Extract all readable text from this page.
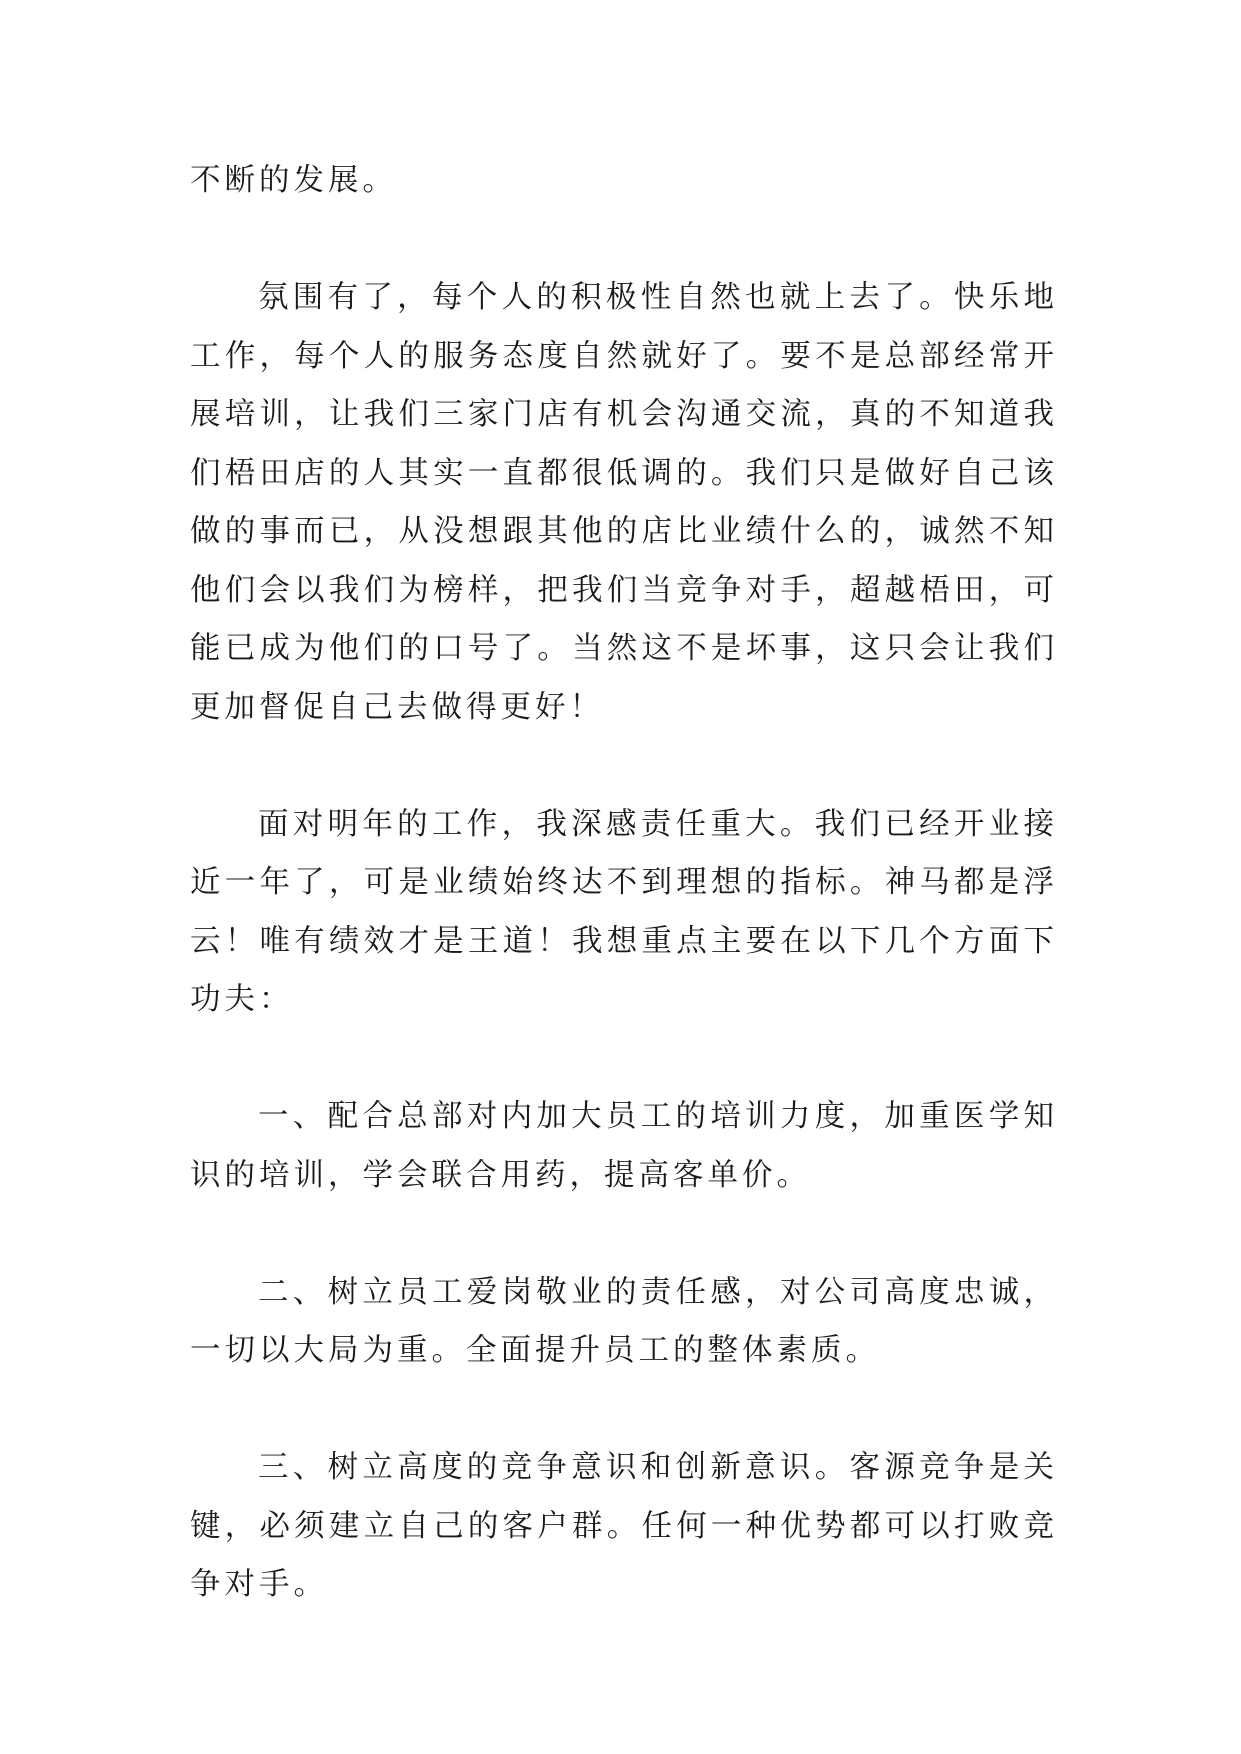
不断的发展。

氛围有了，每个人的积极性自然也就上去了。快乐地工作，每个人的服务态度自然就好了。要不是总部经常开展培训，让我们三家门店有机会沟通交流，真的不知道我们梧田店的人其实一直都很低调的。我们只是做好自己该做的事而已，从没想跟其他的店比业绩什么的，诚然不知他们会以我们为榜样，把我们当竞争对手，超越梧田，可能已成为他们的口号了。当然这不是坏事，这只会让我们更加督促自己去做得更好！

面对明年的工作，我深感责任重大。我们已经开业接近一年了，可是业绩始终达不到理想的指标。神马都是浮云！唯有绩效才是王道！我想重点主要在以下几个方面下功夫：

一、配合总部对内加大员工的培训力度，加重医学知识的培训，学会联合用药，提高客单价。

二、树立员工爱岗敬业的责任感，对公司高度忠诚，一切以大局为重。全面提升员工的整体素质。

三、树立高度的竞争意识和创新意识。客源竞争是关键，必须建立自己的客户群。任何一种优势都可以打败竞争对手。
